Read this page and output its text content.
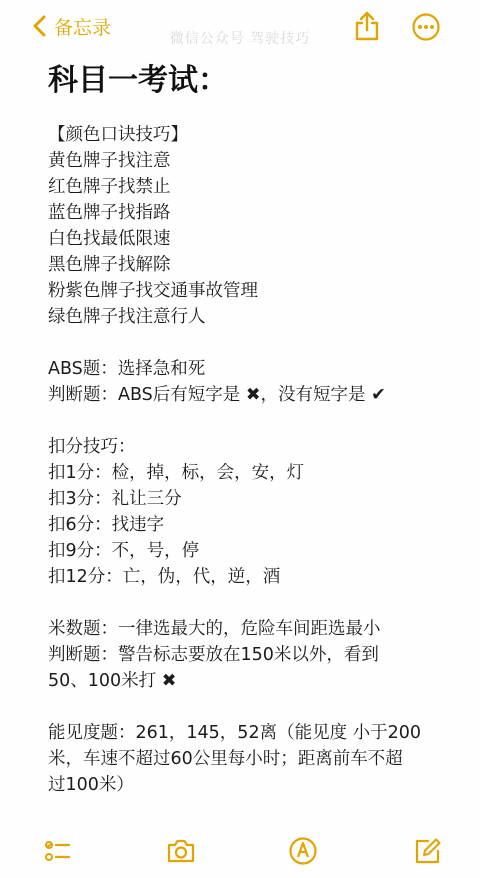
备忘录
微信公众号 驾驶技巧
科目一考试：
【颜色口诀技巧】
黄色牌子找注意
红色牌子找禁止
蓝色牌子找指路
白色找最低限速
黑色牌子找解除
粉紫色牌子找交通事故管理
绿色牌子找注意行人
ABS题：选择急和死
判断题：ABS后有短字是 ✖，没有短字是 ✔
扣分技巧：
扣1分：检，掉，标，会，安，灯
扣3分：礼让三分
扣6分：找违字
扣9分：不，号，停
扣12分：亡，伪，代，逆，酒
米数题：一律选最大的，危险车间距选最小
判断题：警告标志要放在150米以外，看到
50、100米打 ✖
能见度题：261，145，52离（能见度 小于200
米，车速不超过60公里每小时；距离前车不超
过100米）
